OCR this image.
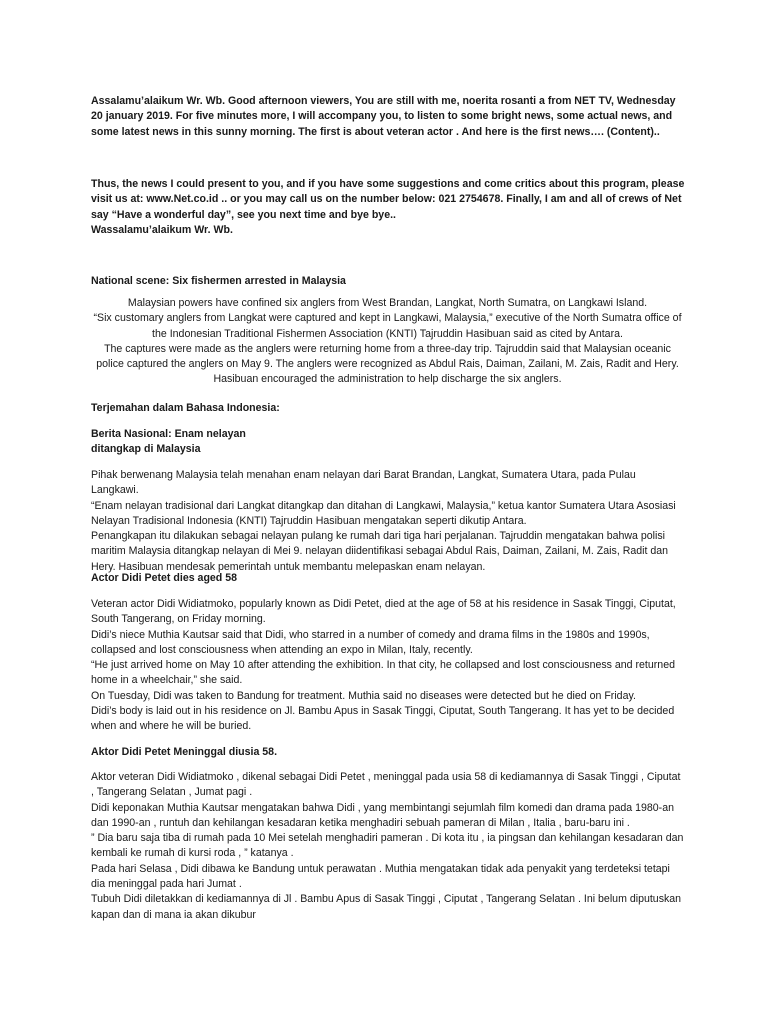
Assalamu’alaikum Wr. Wb. Good afternoon viewers, You are still with me, noerita rosanti a from NET TV, Wednesday 20 january 2019. For five minutes more, I will accompany you, to listen to some bright news, some actual news, and some latest news in this sunny morning. The first is about veteran actor . And here is the first news…. (Content)..

Thus, the news I could present to you, and if you have some suggestions and come critics about this program, please visit us at: www.Net.co.id .. or you may call us on the number below: 021 2754678. Finally, I am and all of crews of Net say “Have a wonderful day”, see you next time and bye bye..

Wassalamu’alaikum Wr. Wb.

National scene: Six fishermen arrested in Malaysia

Malaysian powers have confined six anglers from West Brandan, Langkat, North Sumatra, on Langkawi Island.

“Six customary anglers from Langkat were captured and kept in Langkawi, Malaysia,” executive of the North Sumatra office of the Indonesian Traditional Fishermen Association (KNTI) Tajruddin Hasibuan said as cited by Antara.

The captures were made as the anglers were returning home from a three-day trip. Tajruddin said that Malaysian oceanic police captured the anglers on May 9. The anglers were recognized as Abdul Rais, Daiman, Zailani, M. Zais, Radit and Hery. Hasibuan encouraged the administration to help discharge the six anglers.

Terjemahan dalam Bahasa Indonesia:

Berita Nasional: Enam nelayan

ditangkap di Malaysia

Pihak berwenang Malaysia telah menahan enam nelayan dari Barat Brandan, Langkat, Sumatera Utara, pada Pulau Langkawi.

“Enam nelayan tradisional dari Langkat ditangkap dan ditahan di Langkawi, Malaysia,” ketua kantor Sumatera Utara Asosiasi Nelayan Tradisional Indonesia (KNTI) Tajruddin Hasibuan mengatakan seperti dikutip Antara.

Penangkapan itu dilakukan sebagai nelayan pulang ke rumah dari tiga hari perjalanan. Tajruddin mengatakan bahwa polisi maritim Malaysia ditangkap nelayan di Mei 9. nelayan diidentifikasi sebagai Abdul Rais, Daiman, Zailani, M. Zais, Radit dan Hery. Hasibuan mendesak pemerintah untuk membantu melepaskan enam nelayan.

Actor Didi Petet dies aged 58

Veteran actor Didi Widiatmoko, popularly known as Didi Petet, died at the age of 58 at his residence in Sasak Tinggi, Ciputat, South Tangerang, on Friday morning.

Didi’s niece Muthia Kautsar said that Didi, who starred in a number of comedy and drama films in the 1980s and 1990s, collapsed and lost consciousness when attending an expo in Milan, Italy, recently.

“He just arrived home on May 10 after attending the exhibition. In that city, he collapsed and lost consciousness and returned home in a wheelchair,” she said.

On Tuesday, Didi was taken to Bandung for treatment. Muthia said no diseases were detected but he died on Friday.

Didi’s body is laid out in his residence on Jl. Bambu Apus in Sasak Tinggi, Ciputat, South Tangerang. It has yet to be decided when and where he will be buried.

Aktor Didi Petet Meninggal diusia 58.

Aktor veteran Didi Widiatmoko , dikenal sebagai Didi Petet , meninggal pada usia 58 di kediamannya di Sasak Tinggi , Ciputat , Tangerang Selatan , Jumat pagi .

Didi keponakan Muthia Kautsar mengatakan bahwa Didi , yang membintangi sejumlah film komedi dan drama pada 1980-an dan 1990-an , runtuh dan kehilangan kesadaran ketika menghadiri sebuah pameran di Milan , Italia , baru-baru ini .

” Dia baru saja tiba di rumah pada 10 Mei setelah menghadiri pameran . Di kota itu , ia pingsan dan kehilangan kesadaran dan kembali ke rumah di kursi roda , ” katanya .

Pada hari Selasa , Didi dibawa ke Bandung untuk perawatan . Muthia mengatakan tidak ada penyakit yang terdeteksi tetapi dia meninggal pada hari Jumat .

Tubuh Didi diletakkan di kediamannya di Jl . Bambu Apus di Sasak Tinggi , Ciputat , Tangerang Selatan . Ini belum diputuskan kapan dan di mana ia akan dikubur
